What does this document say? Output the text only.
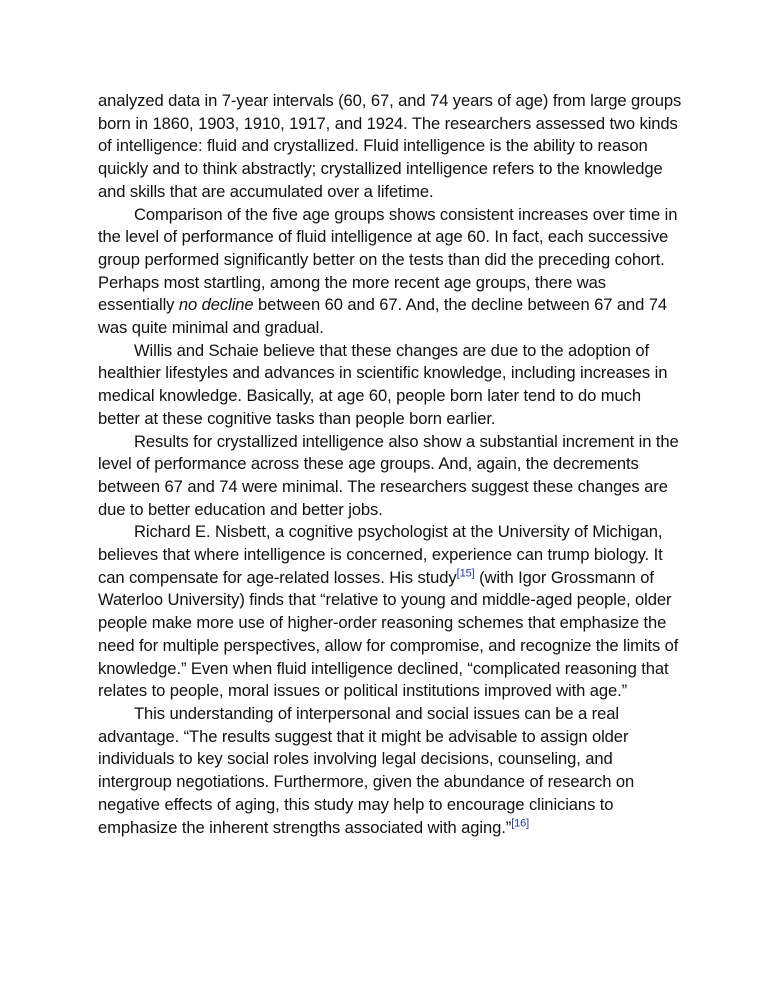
analyzed data in 7-year intervals (60, 67, and 74 years of age) from large groups born in 1860, 1903, 1910, 1917, and 1924. The researchers assessed two kinds of intelligence: fluid and crystallized. Fluid intelligence is the ability to reason quickly and to think abstractly; crystallized intelligence refers to the knowledge and skills that are accumulated over a lifetime.

Comparison of the five age groups shows consistent increases over time in the level of performance of fluid intelligence at age 60. In fact, each successive group performed significantly better on the tests than did the preceding cohort. Perhaps most startling, among the more recent age groups, there was essentially no decline between 60 and 67. And, the decline between 67 and 74 was quite minimal and gradual.

Willis and Schaie believe that these changes are due to the adoption of healthier lifestyles and advances in scientific knowledge, including increases in medical knowledge. Basically, at age 60, people born later tend to do much better at these cognitive tasks than people born earlier.

Results for crystallized intelligence also show a substantial increment in the level of performance across these age groups. And, again, the decrements between 67 and 74 were minimal. The researchers suggest these changes are due to better education and better jobs.

Richard E. Nisbett, a cognitive psychologist at the University of Michigan, believes that where intelligence is concerned, experience can trump biology. It can compensate for age-related losses. His study[15] (with Igor Grossmann of Waterloo University) finds that “relative to young and middle-aged people, older people make more use of higher-order reasoning schemes that emphasize the need for multiple perspectives, allow for compromise, and recognize the limits of knowledge.” Even when fluid intelligence declined, “complicated reasoning that relates to people, moral issues or political institutions improved with age.”

This understanding of interpersonal and social issues can be a real advantage. “The results suggest that it might be advisable to assign older individuals to key social roles involving legal decisions, counseling, and intergroup negotiations. Furthermore, given the abundance of research on negative effects of aging, this study may help to encourage clinicians to emphasize the inherent strengths associated with aging.”[16]
